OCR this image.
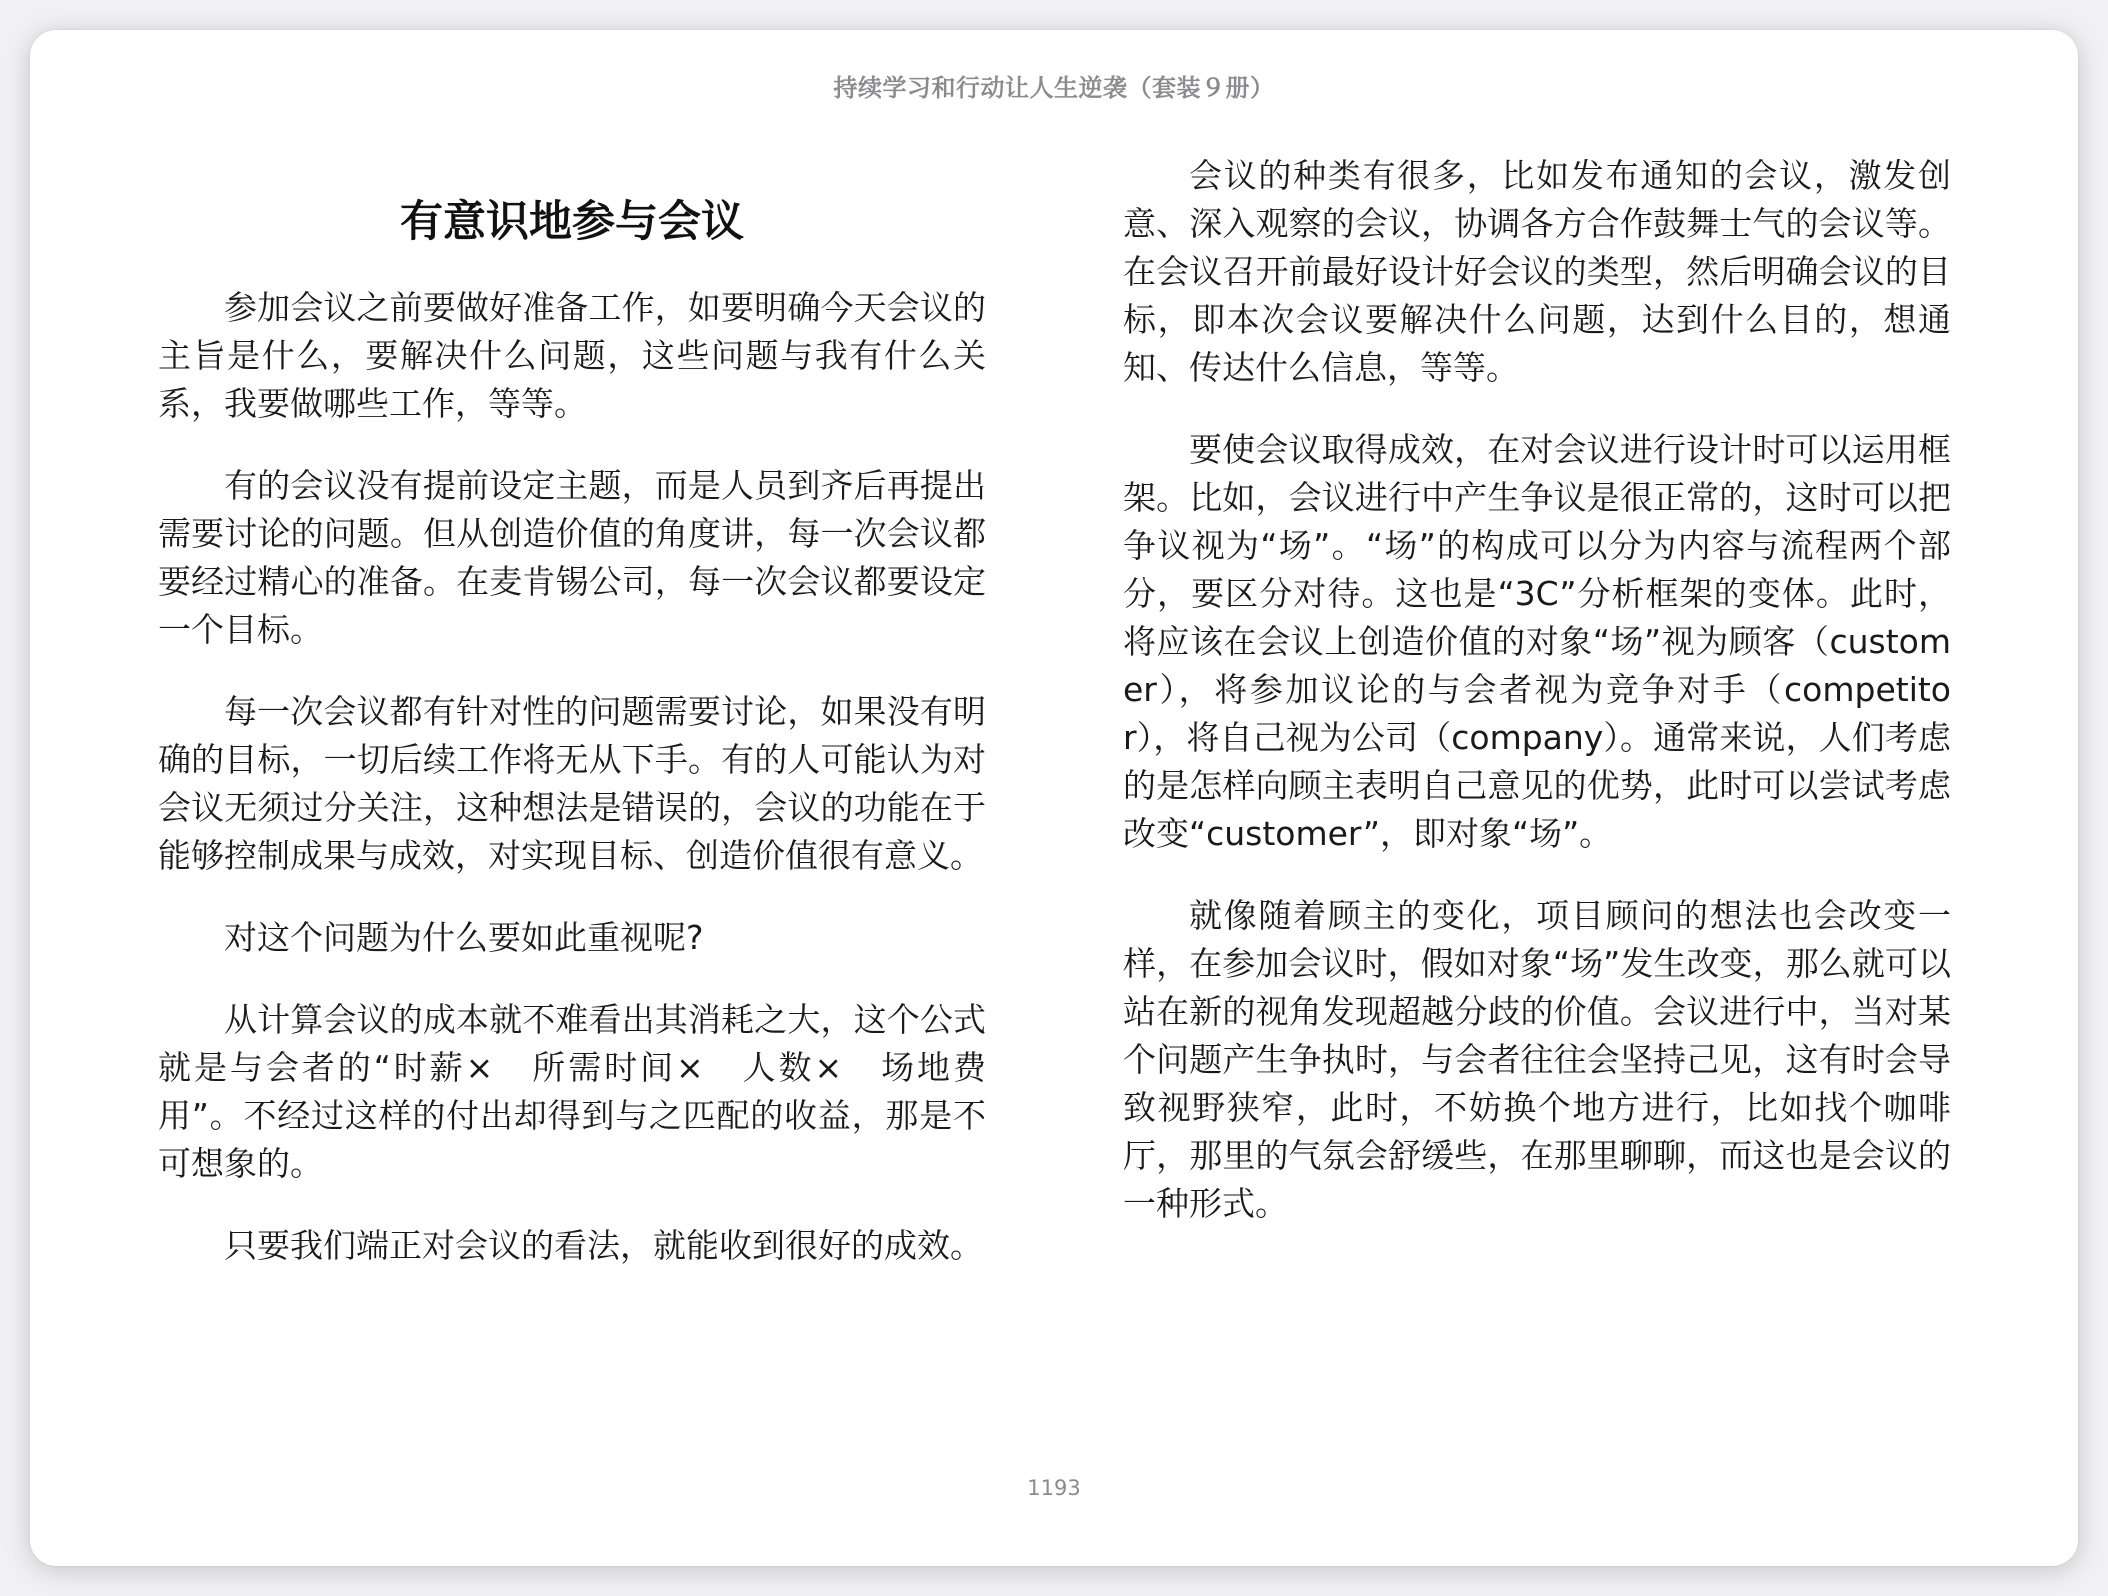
持续学习和行动让人生逆袭（套装９册）
有意识地参与会议

参加会议之前要做好准备工作，如要明确今天会议的主旨是什么，要解决什么问题，这些问题与我有什么关系，我要做哪些工作，等等。

有的会议没有提前设定主题，而是人员到齐后再提出需要讨论的问题。但从创造价值的角度讲，每一次会议都要经过精心的准备。在麦肯锡公司，每一次会议都要设定一个目标。

每一次会议都有针对性的问题需要讨论，如果没有明确的目标，一切后续工作将无从下手。有的人可能认为对会议无须过分关注，这种想法是错误的，会议的功能在于能够控制成果与成效，对实现目标、创造价值很有意义。

对这个问题为什么要如此重视呢?

从计算会议的成本就不难看出其消耗之大，这个公式就是与会者的“时薪×　所需时间×　人数×　场地费用”。不经过这样的付出却得到与之匹配的收益，那是不可想象的。

只要我们端正对会议的看法，就能收到很好的成效。

会议的种类有很多，比如发布通知的会议，激发创意、深入观察的会议，协调各方合作鼓舞士气的会议等。在会议召开前最好设计好会议的类型，然后明确会议的目标，即本次会议要解决什么问题，达到什么目的，想通知、传达什么信息，等等。

要使会议取得成效，在对会议进行设计时可以运用框架。比如，会议进行中产生争议是很正常的，这时可以把争议视为“场”。“场”的构成可以分为内容与流程两个部分，要区分对待。这也是“3C”分析框架的变体。此时，将应该在会议上创造价值的对象“场”视为顾客（customer），将参加议论的与会者视为竞争对手（competitor），将自己视为公司（company）。通常来说，人们考虑的是怎样向顾主表明自己意见的优势，此时可以尝试考虑改变“customer”，即对象“场”。

就像随着顾主的变化，项目顾问的想法也会改变一样，在参加会议时，假如对象“场”发生改变，那么就可以站在新的视角发现超越分歧的价值。会议进行中，当对某个问题产生争执时，与会者往往会坚持己见，这有时会导致视野狭窄，此时，不妨换个地方进行，比如找个咖啡厅，那里的气氛会舒缓些，在那里聊聊，而这也是会议的一种形式。

1193
